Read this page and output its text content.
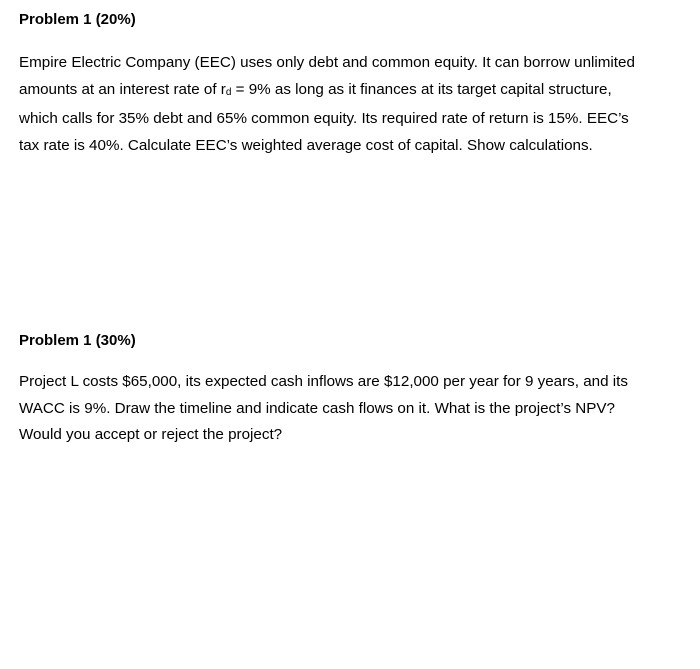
Problem 1 (20%)
Empire Electric Company (EEC) uses only debt and common equity. It can borrow unlimited
amounts at an interest rate of rd = 9% as long as it finances at its target capital structure,
which calls for 35% debt and 65% common equity. Its required rate of return is 15%. EEC’s
tax rate is 40%. Calculate EEC’s weighted average cost of capital. Show calculations.
Problem 1 (30%)
Project L costs $65,000, its expected cash inflows are $12,000 per year for 9 years, and its
WACC is 9%. Draw the timeline and indicate cash flows on it. What is the project’s NPV?
Would you accept or reject the project?
